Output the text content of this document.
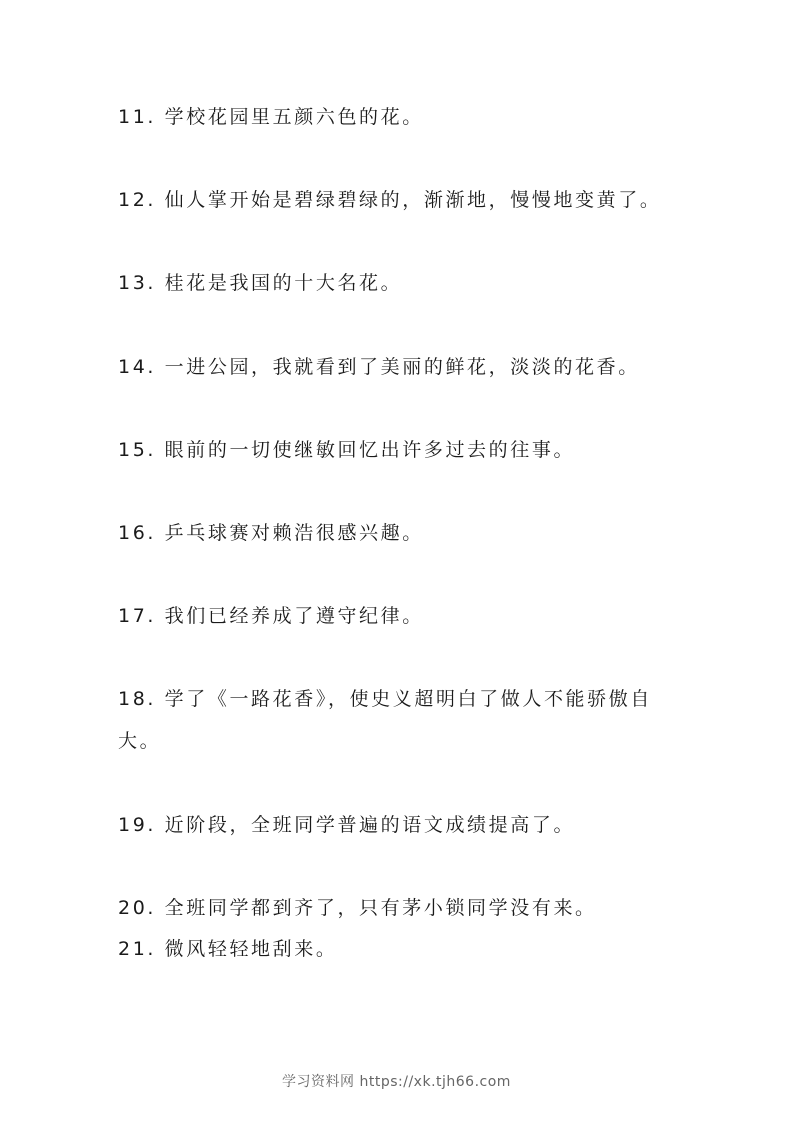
11. 学校花园里五颜六色的花。
12. 仙人掌开始是碧绿碧绿的，渐渐地，慢慢地变黄了。
13. 桂花是我国的十大名花。
14. 一进公园，我就看到了美丽的鲜花，淡淡的花香。
15. 眼前的一切使继敏回忆出许多过去的往事。
16. 乒乓球赛对赖浩很感兴趣。
17. 我们已经养成了遵守纪律。
18. 学了《一路花香》，使史义超明白了做人不能骄傲自大。
19. 近阶段，全班同学普遍的语文成绩提高了。
20. 全班同学都到齐了，只有茅小锁同学没有来。
21. 微风轻轻地刮来。
学习资料网 https://xk.tjh66.com
